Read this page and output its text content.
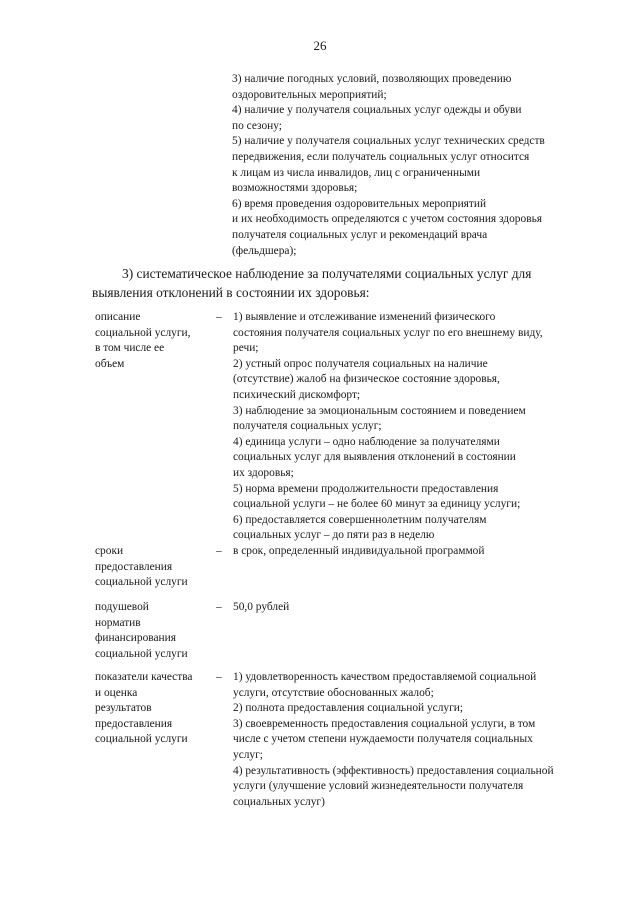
26
3) наличие погодных условий, позволяющих проведению
оздоровительных мероприятий;
4) наличие у получателя социальных услуг одежды и обуви
по сезону;
5) наличие у получателя социальных услуг технических средств
передвижения, если получатель социальных услуг относится
к лицам из числа инвалидов, лиц с ограниченными
возможностями здоровья;
6) время проведения оздоровительных мероприятий
и их необходимость определяются с учетом состояния здоровья
получателя социальных услуг и рекомендаций врача
(фельдшера);
3) систематическое наблюдение за получателями социальных услуг для
выявления отклонений в состоянии их здоровья:
описание
социальной услуги,
в том числе ее
объем
– 1) выявление и отслеживание изменений физического
состояния получателя социальных услуг по его внешнему виду,
речи;
2) устный опрос получателя социальных на наличие
(отсутствие) жалоб на физическое состояние здоровья,
психический дискомфорт;
3) наблюдение за эмоциональным состоянием и поведением
получателя социальных услуг;
4) единица услуги – одно наблюдение за получателями
социальных услуг для выявления отклонений в состоянии
их здоровья;
5) норма времени продолжительности предоставления
социальной услуги – не более 60 минут за единицу услуги;
6) предоставляется совершеннолетним получателям
социальных услуг – до пяти раз в неделю
сроки
предоставления
социальной услуги
– в срок, определенный индивидуальной программой
подушевой
норматив
финансирования
социальной услуги
– 50,0 рублей
показатели качества
и оценка
результатов
предоставления
социальной услуги
– 1) удовлетворенность качеством предоставляемой социальной
услуги, отсутствие обоснованных жалоб;
2) полнота предоставления социальной услуги;
3) своевременность предоставления социальной услуги, в том
числе с учетом степени нуждаемости получателя социальных
услуг;
4) результативность (эффективность) предоставления социальной
услуги (улучшение условий жизнедеятельности получателя
социальных услуг)
